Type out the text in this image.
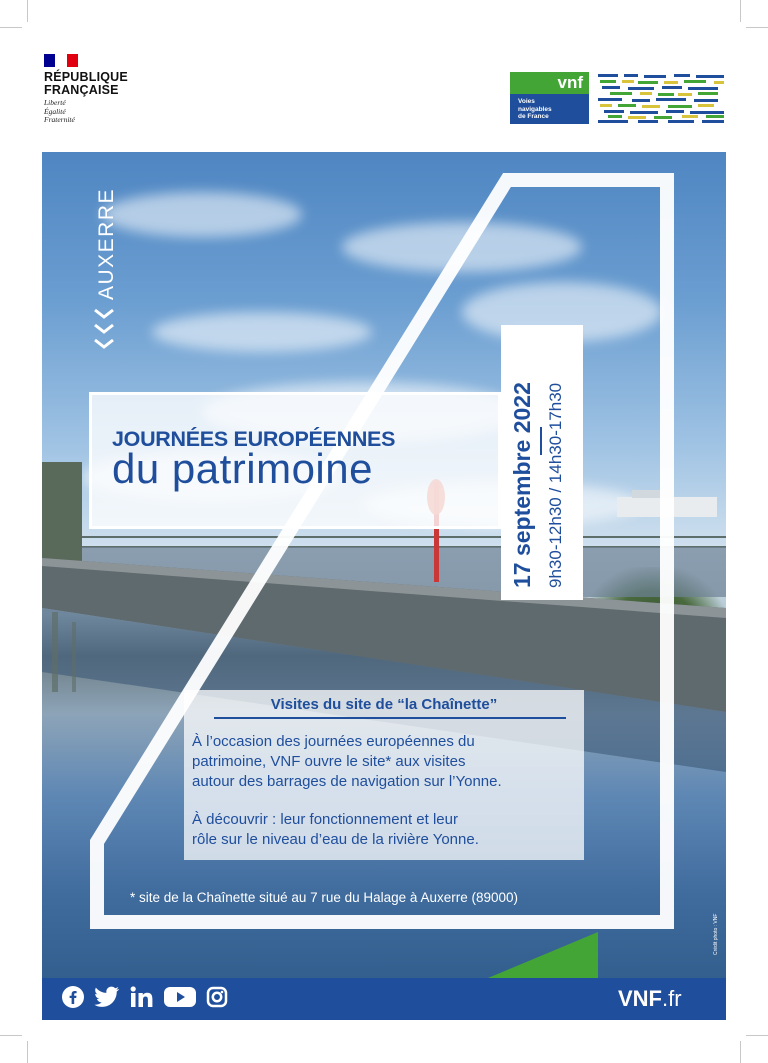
RÉPUBLIQUE
FRANÇAISE
Liberté
Égalité
Fraternité
vnf
Voies
navigables
de France
AUXERRE
JOURNÉES EUROPÉENNES
du patrimoine	17 septembre 2022 9h30-12h30 / 14h30-17h30
Visites du site de “la Chaînette”
À l’occasion des journées européennes du
patrimoine, VNF ouvre le site* aux visites
autour des barrages de navigation sur l’Yonne.
À découvrir : leur fonctionnement et leur
rôle sur le niveau d’eau de la rivière Yonne.
* site de la Chaînette situé au 7 rue du Halage à Auxerre (89000)
Crédit photo : VNF
VNF.fr
